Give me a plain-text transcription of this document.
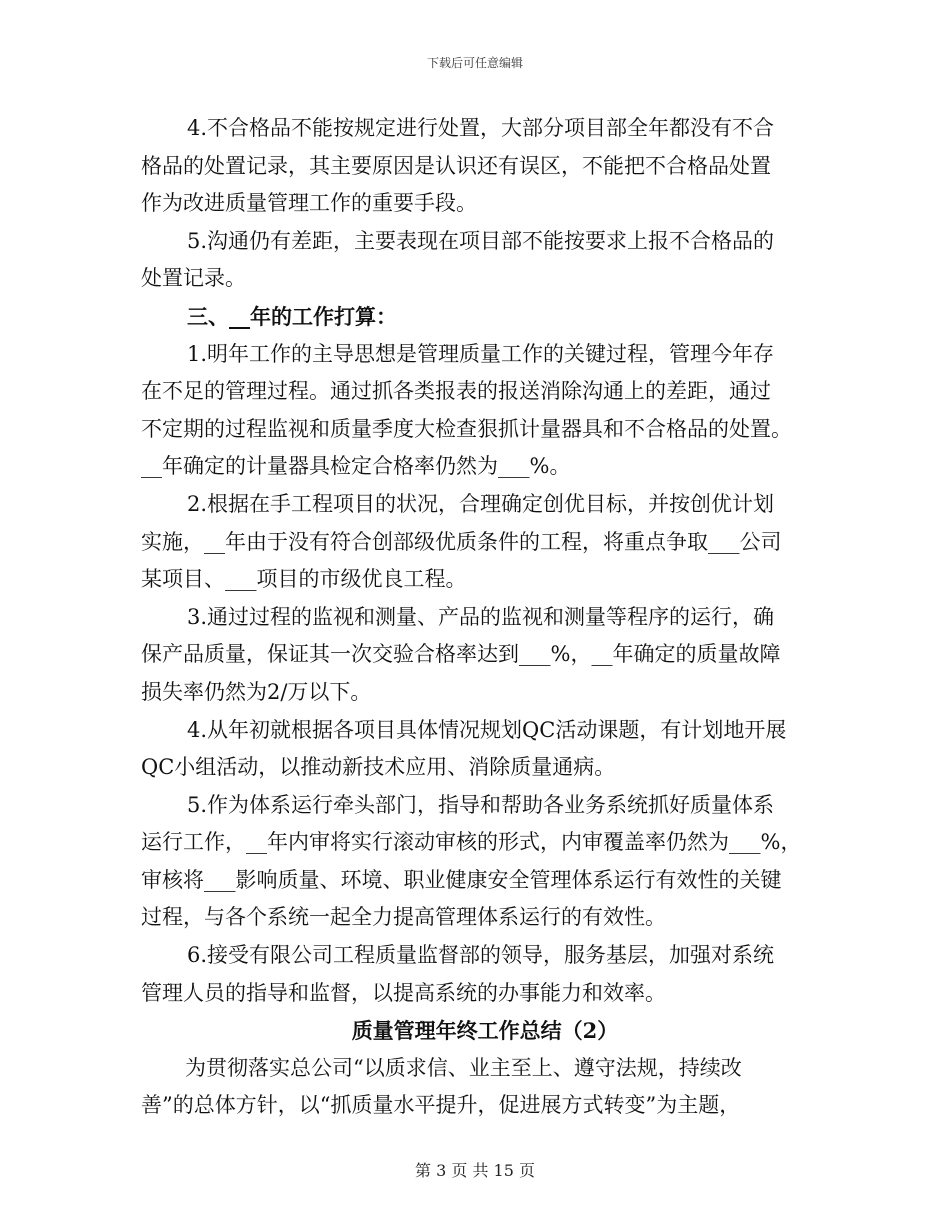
下载后可任意编辑
4.不合格品不能按规定进行处置，大部分项目部全年都没有不合
格品的处置记录，其主要原因是认识还有误区，不能把不合格品处置
作为改进质量管理工作的重要手段。
5.沟通仍有差距，主要表现在项目部不能按要求上报不合格品的
处置记录。
三、__年的工作打算：
1.明年工作的主导思想是管理质量工作的关键过程，管理今年存
在不足的管理过程。通过抓各类报表的报送消除沟通上的差距，通过
不定期的过程监视和质量季度大检查狠抓计量器具和不合格品的处置。
__年确定的计量器具检定合格率仍然为___%。
2.根据在手工程项目的状况，合理确定创优目标，并按创优计划
实施，__年由于没有符合创部级优质条件的工程，将重点争取___公司
某项目、___项目的市级优良工程。
3.通过过程的监视和测量、产品的监视和测量等程序的运行，确
保产品质量，保证其一次交验合格率达到___%，__年确定的质量故障
损失率仍然为2/万以下。
4.从年初就根据各项目具体情况规划QC活动课题，有计划地开展
QC小组活动，以推动新技术应用、消除质量通病。
5.作为体系运行牵头部门，指导和帮助各业务系统抓好质量体系
运行工作，__年内审将实行滚动审核的形式，内审覆盖率仍然为___%，
审核将___影响质量、环境、职业健康安全管理体系运行有效性的关键
过程，与各个系统一起全力提高管理体系运行的有效性。
6.接受有限公司工程质量监督部的领导，服务基层，加强对系统
管理人员的指导和监督，以提高系统的办事能力和效率。
质量管理年终工作总结（2）
为贯彻落实总公司“以质求信、业主至上、遵守法规，持续改
善”的总体方针，以“抓质量水平提升，促进展方式转变”为主题，
第 3 页 共 15 页
